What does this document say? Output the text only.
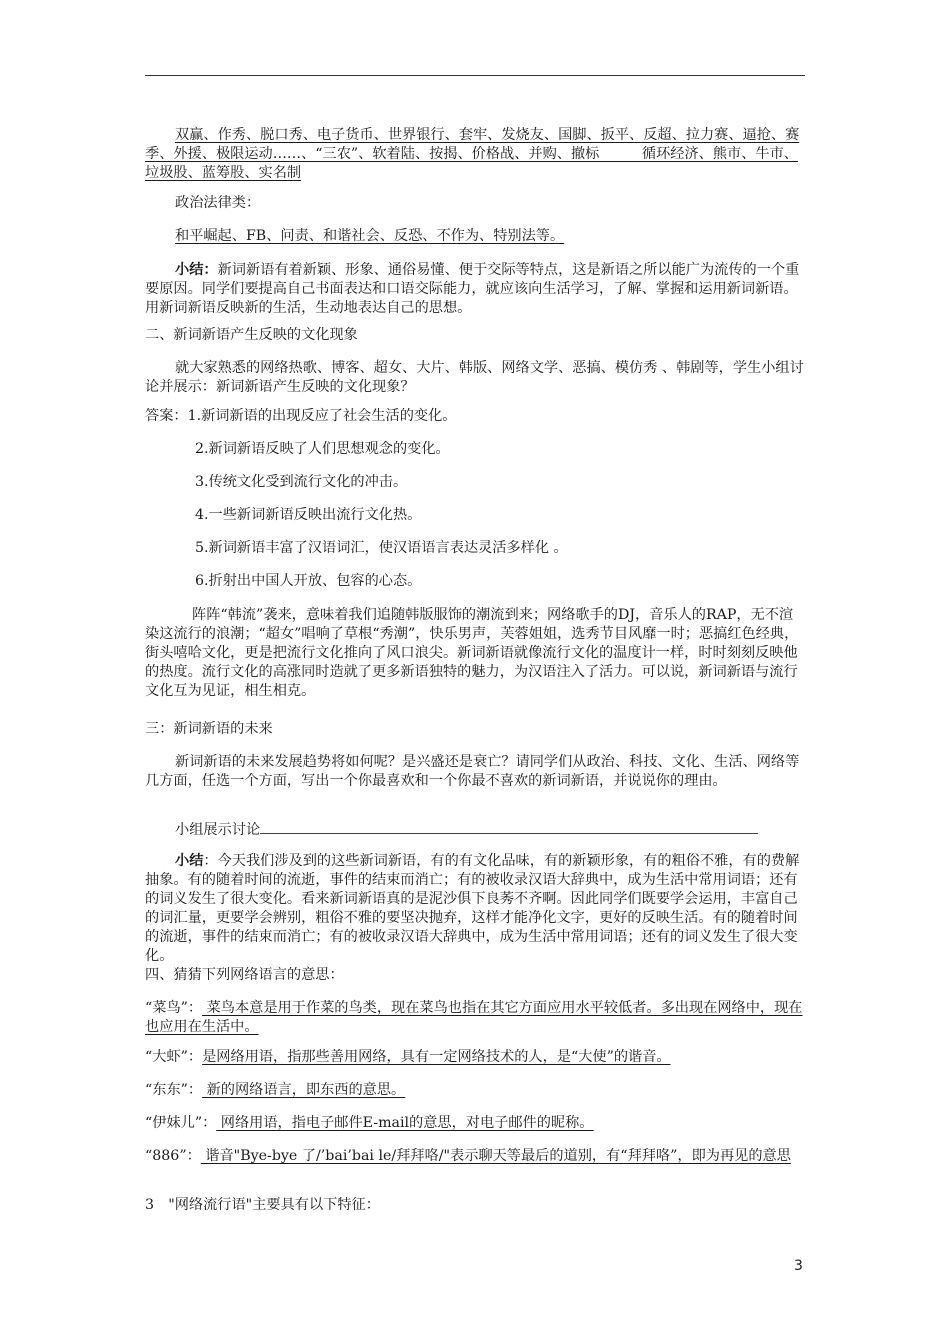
双赢、作秀、脱口秀、电子货币、世界银行、套牢、发烧友、国脚、扳平、反超、拉力赛、逼抢、赛季、外援、极限运动……、“三农”、软着陆、按揭、价格战、并购、撤标　　　循环经济、熊市、牛市、垃圾股、蓝筹股、实名制

政治法律类：

和平崛起、FB、问责、和谐社会、反恐、不作为、特别法等。

小结：新词新语有着新颖、形象、通俗易懂、便于交际等特点，这是新语之所以能广为流传的一个重要原因。同学们要提高自己书面表达和口语交际能力，就应该向生活学习，了解、掌握和运用新词新语。用新词新语反映新的生活，生动地表达自己的思想。

二、新词新语产生反映的文化现象

就大家熟悉的网络热歌、博客、超女、大片、韩版、网络文学、恶搞、模仿秀 、韩剧等，学生小组讨论并展示：新词新语产生反映的文化现象？

答案：1.新词新语的出现反应了社会生活的变化。

2.新词新语反映了人们思想观念的变化。

3.传统文化受到流行文化的冲击。

4.一些新词新语反映出流行文化热。

5.新词新语丰富了汉语词汇，使汉语语言表达灵活多样化 。

6.折射出中国人开放、包容的心态。

阵阵“韩流”袭来，意味着我们追随韩版服饰的潮流到来；网络歌手的DJ，音乐人的RAP，无不渲染这流行的浪潮；“超女”唱响了草根“秀潮”，快乐男声，芙蓉姐姐，选秀节目风靡一时；恶搞红色经典，街头嘻哈文化，更是把流行文化推向了风口浪尖。新词新语就像流行文化的温度计一样，时时刻刻反映他的热度。流行文化的高涨同时造就了更多新语独特的魅力，为汉语注入了活力。可以说，新词新语与流行文化互为见证，相生相克。

三：新词新语的未来

新词新语的未来发展趋势将如何呢？是兴盛还是衰亡？请同学们从政治、科技、文化、生活、网络等几方面，任选一个方面，写出一个你最喜欢和一个你最不喜欢的新词新语，并说说你的理由。

小组展示讨论

小结：今天我们涉及到的这些新词新语，有的有文化品味，有的新颖形象，有的粗俗不雅，有的费解抽象。有的随着时间的流逝，事件的结束而消亡；有的被收录汉语大辞典中，成为生活中常用词语；还有的词义发生了很大变化。看来新词新语真的是泥沙俱下良莠不齐啊。因此同学们既要学会运用，丰富自己的词汇量，更要学会辨别，粗俗不雅的要坚决抛弃，这样才能净化文字，更好的反映生活。有的随着时间的流逝，事件的结束而消亡；有的被收录汉语大辞典中，成为生活中常用词语；还有的词义发生了很大变化。

四、猜猜下列网络语言的意思：

“菜鸟”： 菜鸟本意是用于作菜的鸟类，现在菜鸟也指在其它方面应用水平较低者。多出现在网络中，现在也应用在生活中。

“大虾”：是网络用语，指那些善用网络，具有一定网络技术的人，是“大使”的谐音。

“东东”： 新的网络语言，即东西的意思。

“伊妹儿”： 网络用语，指电子邮件E-mail的意思，对电子邮件的昵称。

“886”： 谐音"Bye-bye 了/’bai’bai le/拜拜咯/"表示聊天等最后的道别，有“拜拜咯”，即为再见的意思

3　"网络流行语"主要具有以下特征：

3
